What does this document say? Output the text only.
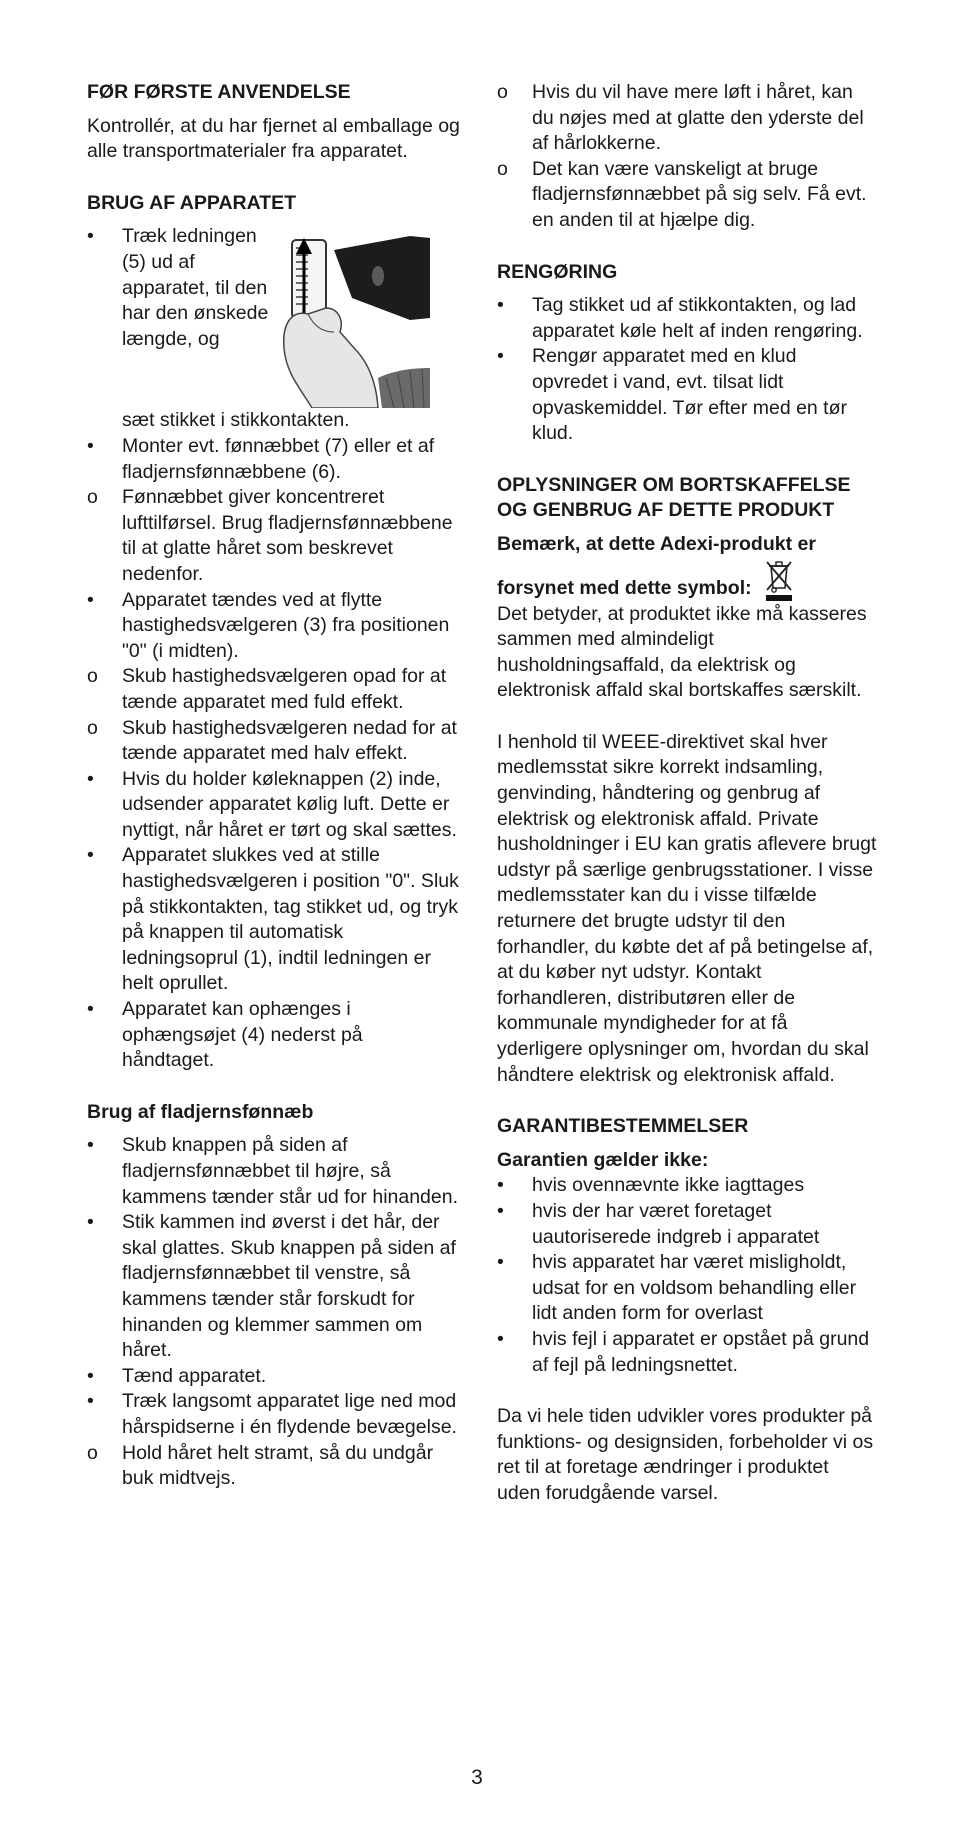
FØR FØRSTE ANVENDELSE

Kontrollér, at du har fjernet al emballage og alle transportmaterialer fra apparatet.

BRUG AF APPARATET
• Træk ledningen (5) ud af apparatet, til den har den ønskede længde, og
sæt stikket i stikkontakten.
•	Monter evt. fønnæbbet (7) eller et af fladjernsfønnæbbene (6).
o	Fønnæbbet giver koncentreret lufttilførsel. Brug fladjernsfønnæbbene til at glatte håret som beskrevet nedenfor.
•	Apparatet tændes ved at flytte hastighedsvælgeren (3) fra positionen "0" (i midten).
o	Skub hastighedsvælgeren opad for at tænde apparatet med fuld effekt.
o	Skub hastighedsvælgeren nedad for at tænde apparatet med halv effekt.
•	Hvis du holder køleknappen (2) inde, udsender apparatet kølig luft. Dette er nyttigt, når håret er tørt og skal sættes.
•	Apparatet slukkes ved at stille hastighedsvælgeren i position "0". Sluk på stikkontakten, tag stikket ud, og tryk på knappen til automatisk ledningsoprul (1), indtil ledningen er helt oprullet.
•	Apparatet kan ophænges i ophængsøjet (4) nederst på håndtaget.
Brug af fladjernsfønnæb
•	Skub knappen på siden af fladjernsfønnæbbet til højre, så kammens tænder står ud for hinanden.
•	Stik kammen ind øverst i det hår, der skal glattes. Skub knappen på siden af fladjernsfønnæbbet til venstre, så kammens tænder står forskudt for hinanden og klemmer sammen om håret.
•	Tænd apparatet.
•	Træk langsomt apparatet lige ned mod hårspidserne i én flydende bevægelse.
o	Hold håret helt stramt, så du undgår buk midtvejs.
o	Hvis du vil have mere løft i håret, kan du nøjes med at glatte den yderste del af hårlokkerne.
o	Det kan være vanskeligt at bruge fladjernsfønnæbbet på sig selv. Få evt. en anden til at hjælpe dig.
RENGØRING
•	Tag stikket ud af stikkontakten, og lad apparatet køle helt af inden rengøring.
•	Rengør apparatet med en klud opvredet i vand, evt. tilsat lidt opvaskemiddel. Tør efter med en tør klud.
OPLYSNINGER OM BORTSKAFFELSE OG GENBRUG AF DETTE PRODUKT

Bemærk, at dette Adexi-produkt er

forsynet med dette symbol:

Det betyder, at produktet ikke må kasseres sammen med almindeligt husholdningsaffald, da elektrisk og elektronisk affald skal bortskaffes særskilt.

I henhold til WEEE-direktivet skal hver medlemsstat sikre korrekt indsamling, genvinding, håndtering og genbrug af elektrisk og elektronisk affald. Private husholdninger i EU kan gratis aflevere brugt udstyr på særlige genbrugsstationer. I visse medlemsstater kan du i visse tilfælde returnere det brugte udstyr til den forhandler, du købte det af på betingelse af, at du køber nyt udstyr. Kontakt forhandleren, distributøren eller de kommunale myndigheder for at få yderligere oplysninger om, hvordan du skal håndtere elektrisk og elektronisk affald.

GARANTIBESTEMMELSER

Garantien gælder ikke:

•	hvis ovennævnte ikke iagttages
•	hvis der har været foretaget uautoriserede indgreb i apparatet
•	hvis apparatet har været misligholdt, udsat for en voldsom behandling eller lidt anden form for overlast
•	hvis fejl i apparatet er opstået på grund af fejl på ledningsnettet.

Da vi hele tiden udvikler vores produkter på funktions- og designsiden, forbeholder vi os ret til at foretage ændringer i produktet uden forudgående varsel.

3
